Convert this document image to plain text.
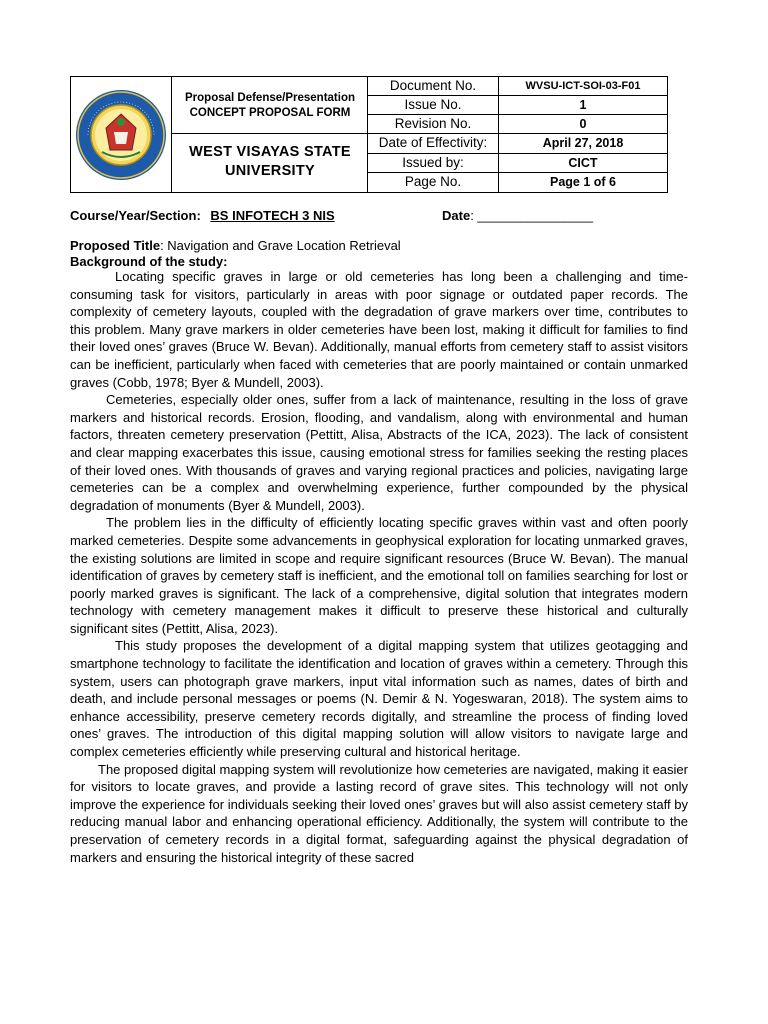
Proposal Defense/Presentation
CONCEPT PROPOSAL FORM
WEST VISAYAS STATE UNIVERSITY
Document No.	WVSU-ICT-SOI-03-F01
Issue No.	1
Revision No.	0
Date of Effectivity:	April 27, 2018
Issued by:	CICT
Page No.	Page 1 of 6
Course/Year/Section: BS INFOTECH 3 NIS	Date: ________________
Proposed Title: Navigation and Grave Location Retrieval
Background of the study:

Locating specific graves in large or old cemeteries has long been a challenging and time-consuming task for visitors, particularly in areas with poor signage or outdated paper records. The complexity of cemetery layouts, coupled with the degradation of grave markers over time, contributes to this problem. Many grave markers in older cemeteries have been lost, making it difficult for families to find their loved ones’ graves (Bruce W. Bevan). Additionally, manual efforts from cemetery staff to assist visitors can be inefficient, particularly when faced with cemeteries that are poorly maintained or contain unmarked graves (Cobb, 1978; Byer & Mundell, 2003).

Cemeteries, especially older ones, suffer from a lack of maintenance, resulting in the loss of grave markers and historical records. Erosion, flooding, and vandalism, along with environmental and human factors, threaten cemetery preservation (Pettitt, Alisa, Abstracts of the ICA, 2023). The lack of consistent and clear mapping exacerbates this issue, causing emotional stress for families seeking the resting places of their loved ones. With thousands of graves and varying regional practices and policies, navigating large cemeteries can be a complex and overwhelming experience, further compounded by the physical degradation of monuments (Byer & Mundell, 2003).

The problem lies in the difficulty of efficiently locating specific graves within vast and often poorly marked cemeteries. Despite some advancements in geophysical exploration for locating unmarked graves, the existing solutions are limited in scope and require significant resources (Bruce W. Bevan). The manual identification of graves by cemetery staff is inefficient, and the emotional toll on families searching for lost or poorly marked graves is significant. The lack of a comprehensive, digital solution that integrates modern technology with cemetery management makes it difficult to preserve these historical and culturally significant sites (Pettitt, Alisa, 2023).

This study proposes the development of a digital mapping system that utilizes geotagging and smartphone technology to facilitate the identification and location of graves within a cemetery. Through this system, users can photograph grave markers, input vital information such as names, dates of birth and death, and include personal messages or poems (N. Demir & N. Yogeswaran, 2018). The system aims to enhance accessibility, preserve cemetery records digitally, and streamline the process of finding loved ones’ graves. The introduction of this digital mapping solution will allow visitors to navigate large and complex cemeteries efficiently while preserving cultural and historical heritage.

The proposed digital mapping system will revolutionize how cemeteries are navigated, making it easier for visitors to locate graves, and provide a lasting record of grave sites. This technology will not only improve the experience for individuals seeking their loved ones’ graves but will also assist cemetery staff by reducing manual labor and enhancing operational efficiency. Additionally, the system will contribute to the preservation of cemetery records in a digital format, safeguarding against the physical degradation of markers and ensuring the historical integrity of these sacred
